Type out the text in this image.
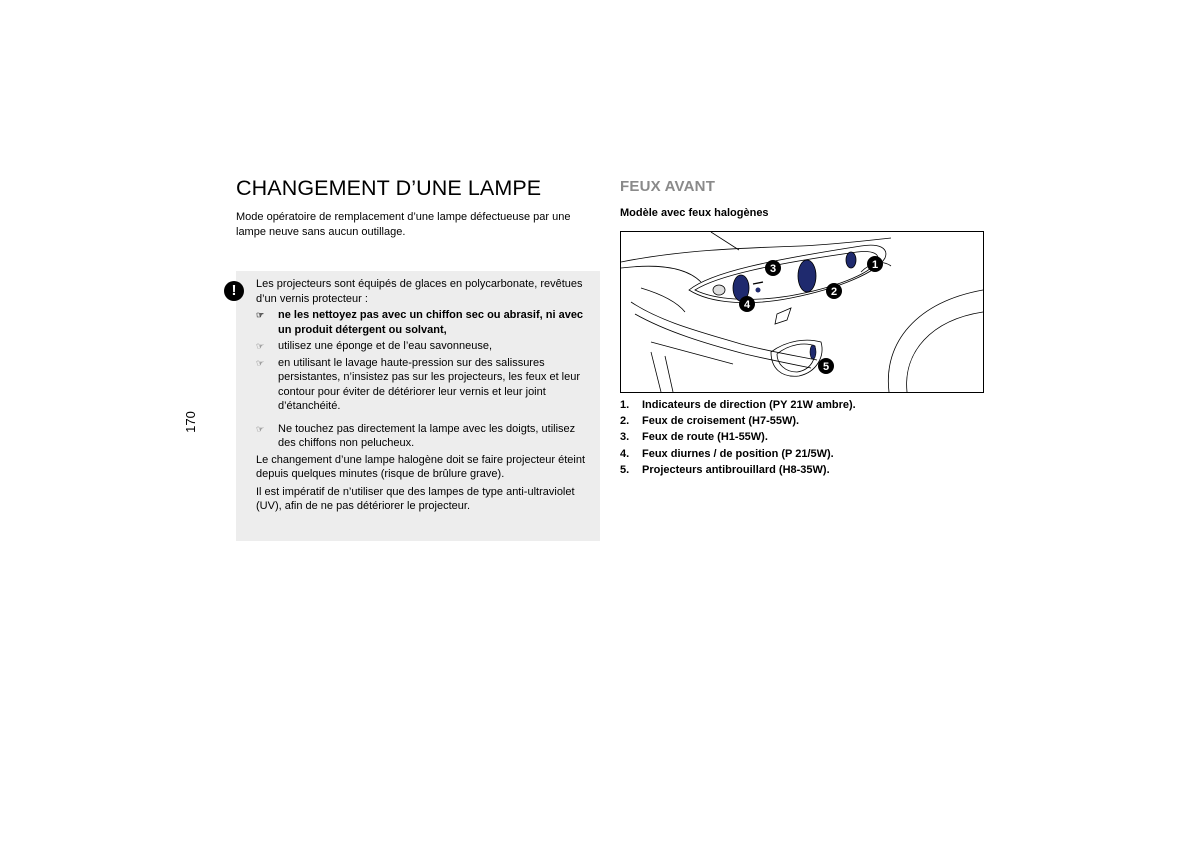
170
CHANGEMENT D’UNE LAMPE

Mode opératoire de remplacement d’une lampe défectueuse par une lampe neuve sans aucun outillage.

!	Les projecteurs sont équipés de glaces en polycarbonate, revêtues d’un vernis protecteur :

☞ ne les nettoyez pas avec un chiffon sec ou abrasif, ni avec un produit détergent ou solvant,
☞ utilisez une éponge et de l’eau savonneuse,
☞ en utilisant le lavage haute-pression sur des salissures persistantes, n’insistez pas sur les projecteurs, les feux et leur contour pour éviter de détériorer leur vernis et leur joint d’étanchéité.
☞ Ne touchez pas directement la lampe avec les doigts, utilisez des chiffons non pelucheux.

Le changement d’une lampe halogène doit se faire projecteur éteint depuis quelques minutes (risque de brûlure grave).

Il est impératif de n’utiliser que des lampes de type anti-ultraviolet (UV), afin de ne pas détériorer le projecteur.

FEUX AVANT
Modèle avec feux halogènes
1
2
3
4
5
1. Indicateurs de direction (PY 21W ambre).
2. Feux de croisement (H7-55W).
3. Feux de route (H1-55W).
4. Feux diurnes / de position (P 21/5W).
5. Projecteurs antibrouillard (H8-35W).
